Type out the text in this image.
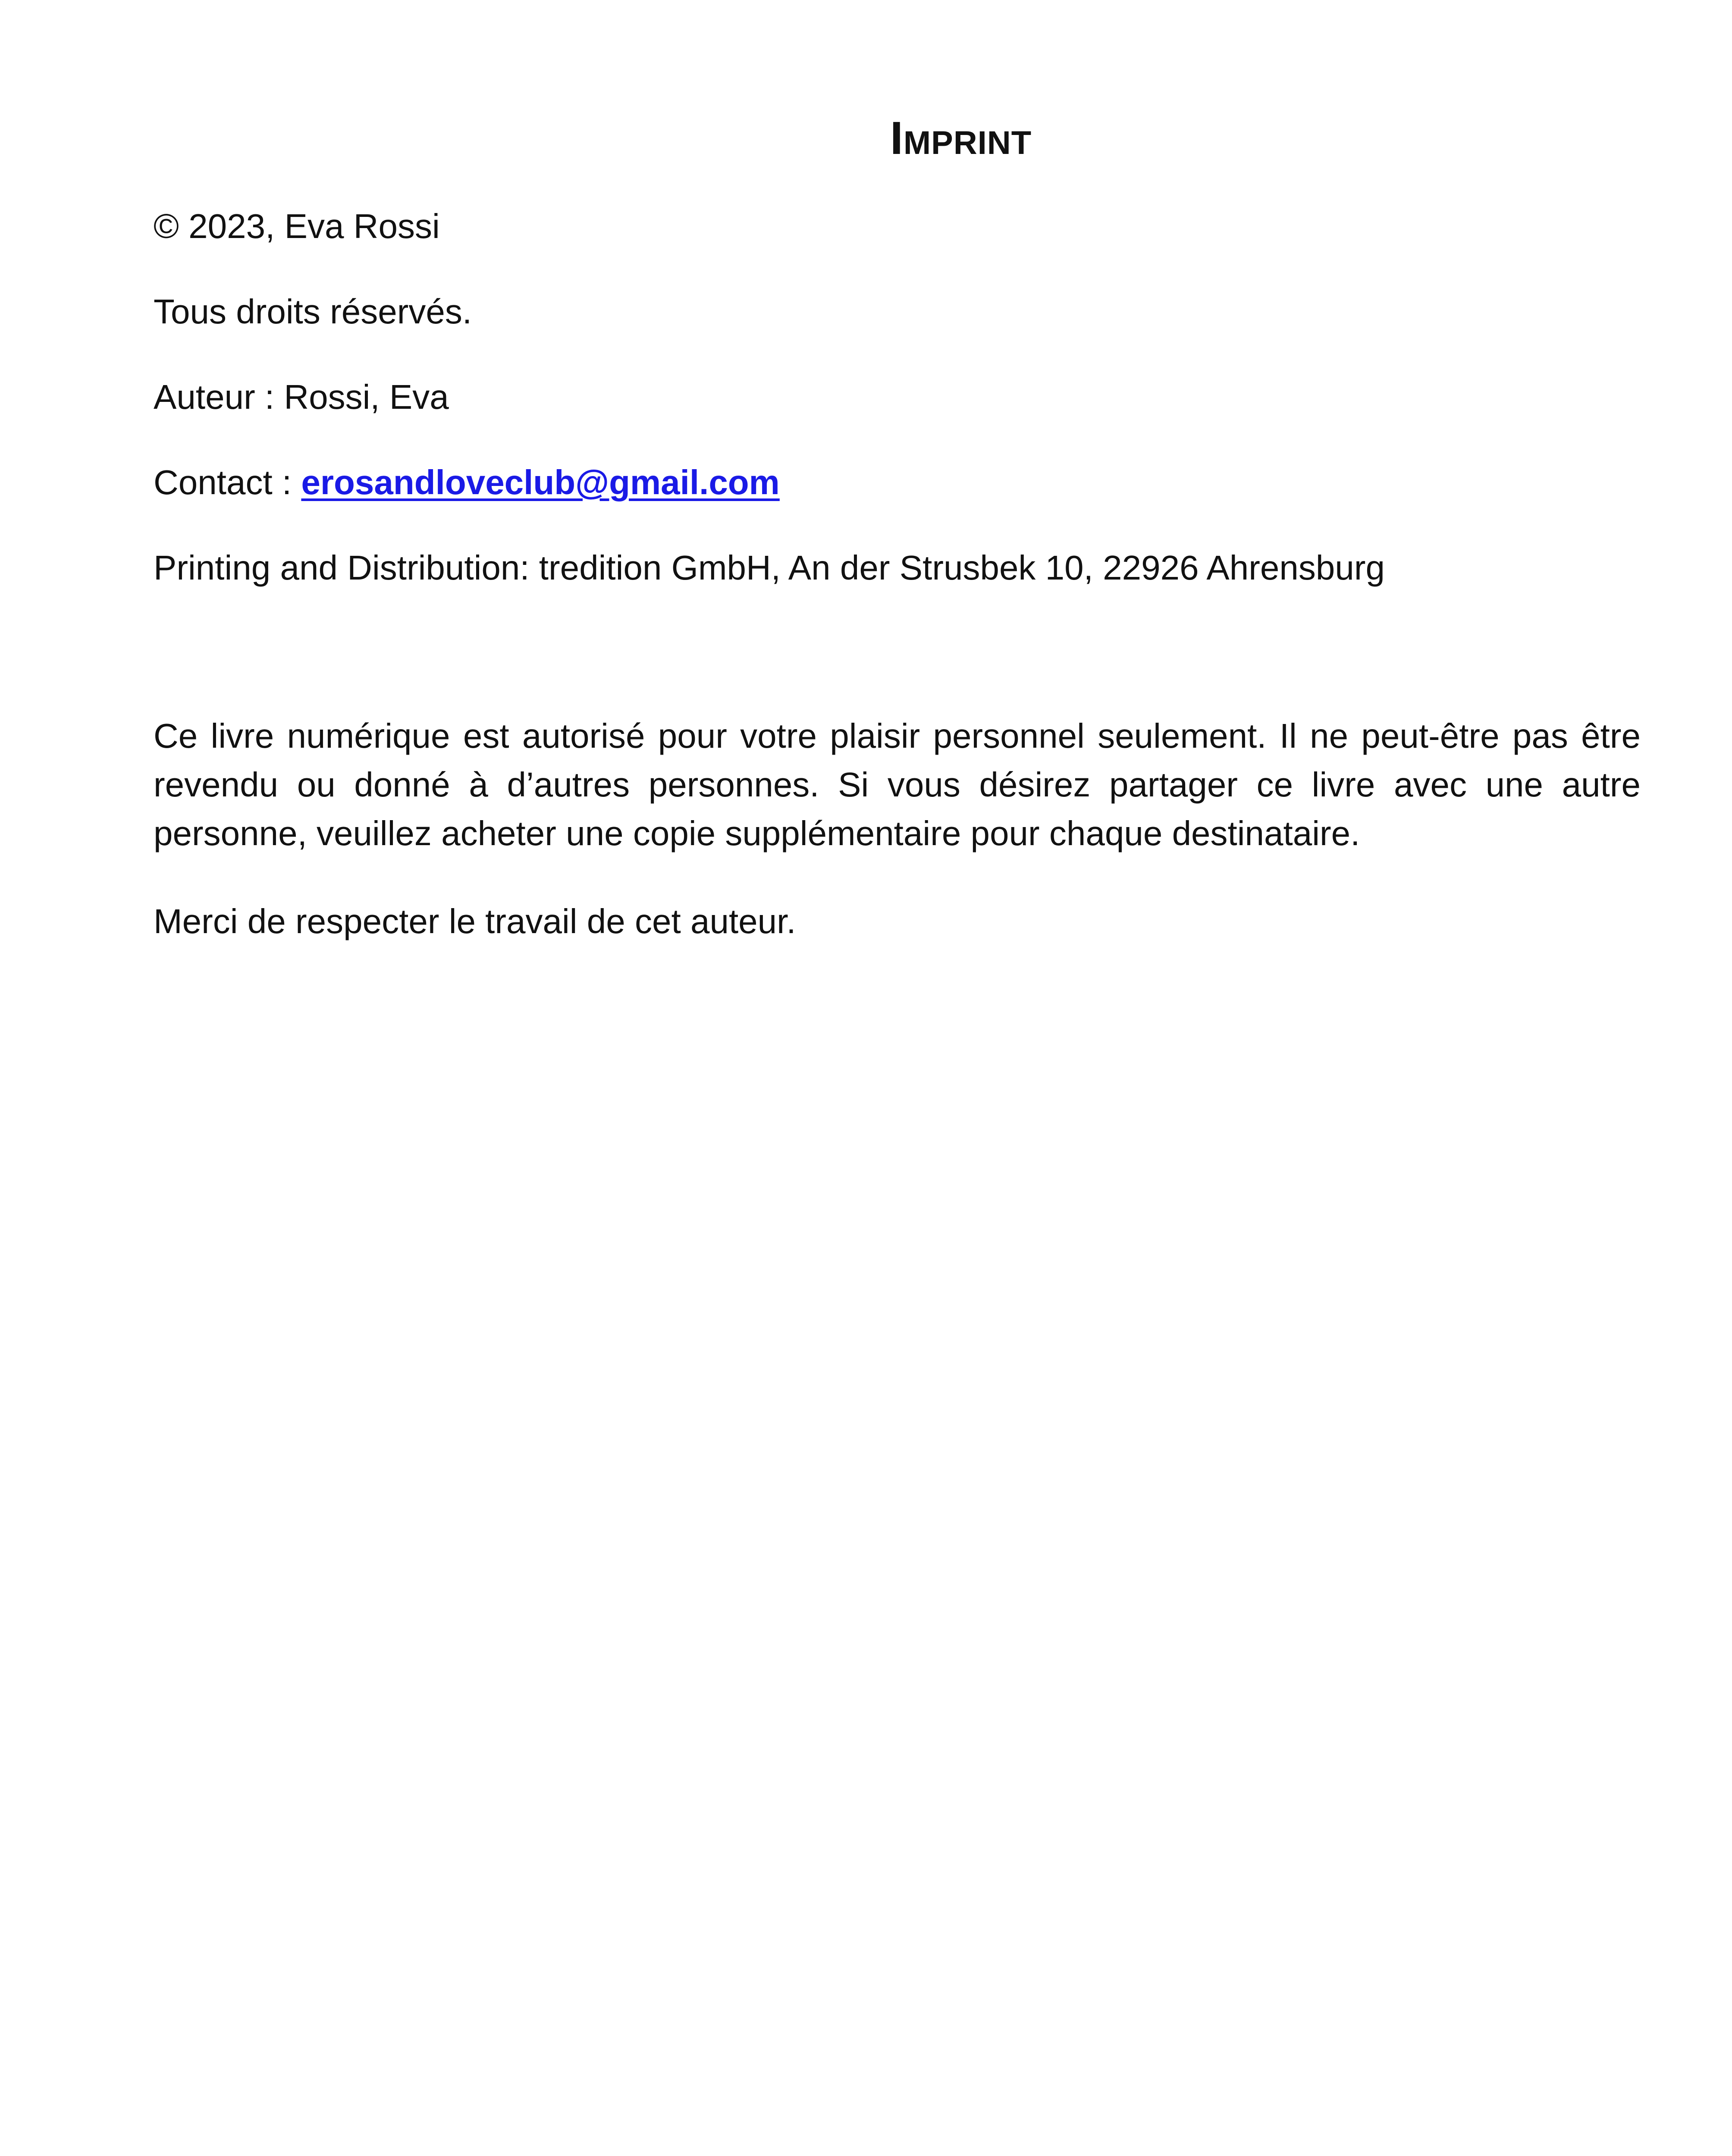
Imprint

© 2023, Eva Rossi

Tous droits réservés.

Auteur : Rossi, Eva

Contact : erosandloveclub@gmail.com

Printing and Distribution: tredition GmbH, An der Strusbek 10, 22926 Ahrensburg

Ce livre numérique est autorisé pour votre plaisir personnel seulement. Il ne peut-être pas être revendu ou donné à d’autres personnes. Si vous désirez partager ce livre avec une autre personne, veuillez acheter une copie supplémentaire pour chaque destinataire.

Merci de respecter le travail de cet auteur.
